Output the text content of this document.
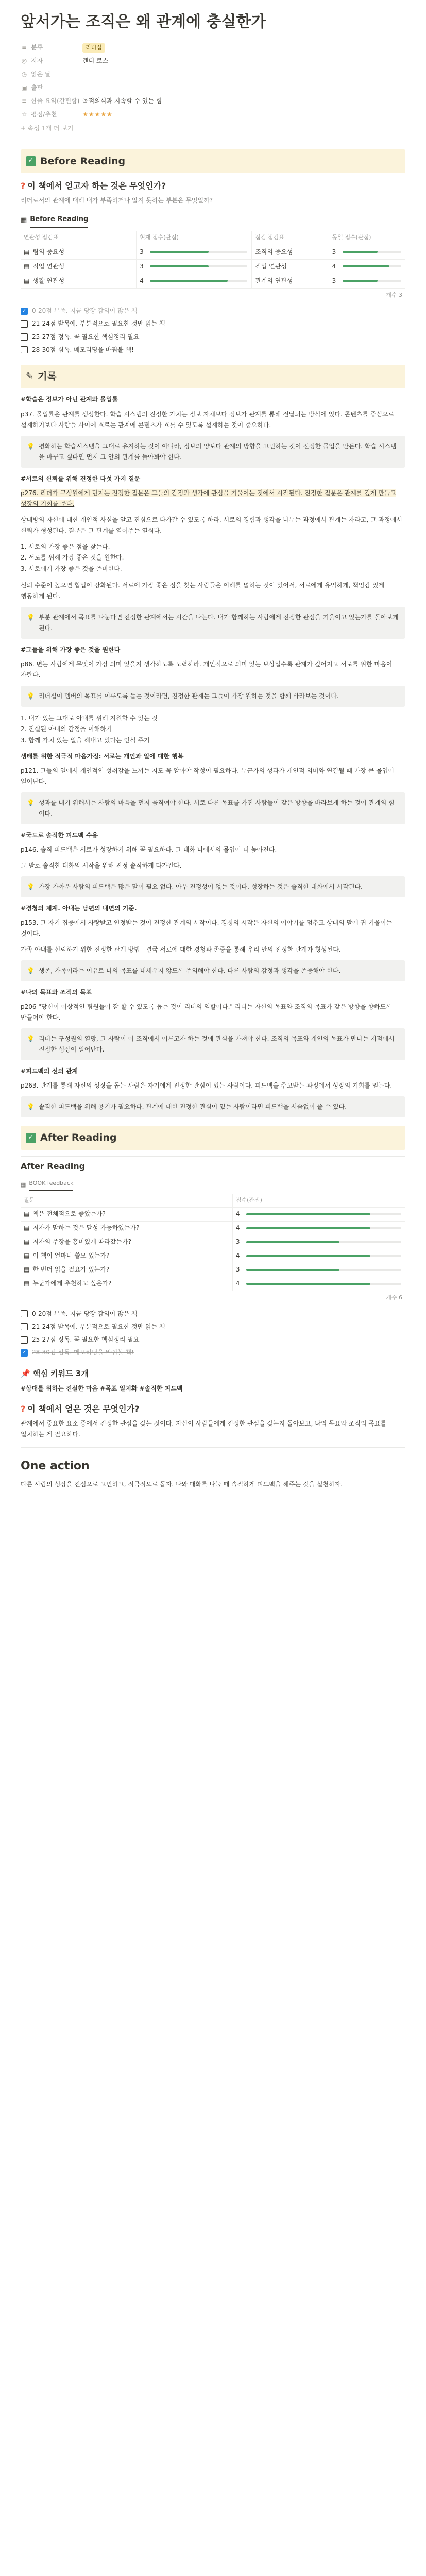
앞서가는 조직은 왜 관계에 충실한가
≡ 분류	리더십
◎ 저자	랜디 로스
◷ 읽은 날
▣ 출판
≡ 한줄 요약(간편함) 목적의식과 지속할 수 있는 힘
☆ 평점/추천	★★★★★
+ 속성 1개 더 보기
✓ Before Reading
? 이 책에서 얻고자 하는 것은 무엇인가?
리더로서의 관계에 대해 내가 부족하거나 알지 못하는 부분은 무엇일까?
▦ Before Reading
연관성 점검표	현재 점수(관점)	점검 점검표	동일 점수(관점)
▤ 팀의 중요성	3	조직의 중요성	3
▤ 직업 연관성	3	직업 연관성	4
▤ 생활 연관성	4	관계의 연관성	3
개수 3
✓ 0-20점 부족. 지금 당장 감의이 많은 책
21-24점 발목에. 부분적으로 필요한 것만 읽는 책
25-27점 정독. 꼭 필요한 핵심정리 필요
28-30점 심독. 메모리딩을 바꿔볼 책!
✎ 기록
#학습은 정보가 아닌 관계와 몰입률

p37. 몰입률은 관계를 생성한다. 학습 시스템의 진정한 가치는 정보 자체보다 정보가 관계를 통해 전달되는 방식에 있다. 콘텐츠를 중심으로 설계하기보다 사람들 사이에 흐르는 관계에 콘텐츠가 흐를 수 있도록 설계하는 것이 중요하다.

💡 평화하는 학습시스템을 그대로 유지하는 것이 아니라, 정보의 양보다 관계의 방향을 고민하는 것이 진정한 몰입을 만든다. 학습 시스템을 바꾸고 싶다면 먼저 그 안의 관계를 돌아봐야 한다.
#서로의 신뢰를 위해 진정한 다섯 가지 질문

p276. 리더가 구성원에게 던지는 진정한 질문은 그들의 감정과 생각에 관심을 기울이는 것에서 시작된다. 진정한 질문은 관계를 깊게 만들고 성장의 기회를 준다.

상대방의 자신에 대한 개인적 사실을 알고 진심으로 다가갈 수 있도록 하라. 서로의 경험과 생각을 나누는 과정에서 관계는 자라고, 그 과정에서 신뢰가 형성된다. 질문은 그 관계를 열어주는 열쇠다.

1. 서로의 가장 좋은 점을 찾는다.
2. 서로를 위해 가장 좋은 것을 원한다.
3. 서로에게 가장 좋은 것을 준비한다.

신뢰 수준이 높으면 협업이 강화된다. 서로에 가장 좋은 점을 찾는 사람들은 이해를 넓히는 것이 있어서, 서로에게 유익하게, 책임감 있게 행동하게 된다.

💡 부분 관계에서 목표를 나눈다면 진정한 관계에서는 시간을 나눈다. 내가 함께하는 사람에게 진정한 관심을 기울이고 있는가를 돌아보게 된다.
#그들을 위해 가장 좋은 것을 원한다

p86. 변는 사람에게 무엇이 가장 의미 있을지 생각하도록 노력하라. 개인적으로 의미 있는 보상일수록 관계가 깊어지고 서로를 위한 마음이 자란다.

💡 리더십이 멤버의 목표를 이루도록 돕는 것이라면, 진정한 관계는 그들이 가장 원하는 것을 함께 바라보는 것이다.
1. 내가 있는 그대로 아내를 위해 지원할 수 있는 것
2. 진실된 아내의 감정을 이해하기
3. 함께 가치 있는 일을 해내고 있다는 인식 주기
생태를 위한 적극적 마음가짐: 서로는 개인과 일에 대한 행복

p121. 그들의 일에서 개인적인 성취감을 느끼는 지도 꼭 알아야 작성이 필요하다. 누군가의 성과가 개인적 의미와 연결될 때 가장 큰 몰입이 일어난다.

💡 성과를 내기 위해서는 사람의 마음을 먼저 움직여야 한다. 서로 다른 목표를 가진 사람들이 같은 방향을 바라보게 하는 것이 관계의 힘이다.
#국도로 솔직한 피드백 수용

p146. 솔직 피드백은 서로가 성장하기 위해 꼭 필요하다. 그 대화 나에서의 몰입이 더 높아진다.

그 말로 솔직한 대화의 시작을 위해 진정 솔직하게 다가간다.

💡 가장 가까운 사람의 피드백은 많은 말이 필요 없다. 아무 진정성이 없는 것이다. 성장하는 것은 솔직한 대화에서 시작된다.
#경청의 체계. 아내는 남편의 내면의 기준.

p153. 그 자기 집중에서 사랑받고 인정받는 것이 진정한 관계의 시작이다. 경청의 시작은 자신의 이야기를 멈추고 상대의 말에 귀 기울이는 것이다.

가족 아내를 신뢰하기 위한 진정한 관계 방법 - 결국 서로에 대한 경청과 존중을 통해 우리 안의 진정한 관계가 형성된다.

💡 생존, 가족이라는 이유로 나의 목표를 내세우지 않도록 주의해야 한다. 다른 사람의 감정과 생각을 존중해야 한다.
#나의 목표와 조직의 목표

p206 "당신이 이상적인 팀원들이 잘 할 수 있도록 돕는 것이 리더의 역할이다." 리더는 자신의 목표와 조직의 목표가 같은 방향을 향하도록 만들어야 한다.

💡 리더는 구성원의 열망, 그 사람이 이 조직에서 이루고자 하는 것에 관심을 가져야 한다. 조직의 목표와 개인의 목표가 만나는 지점에서 진정한 성장이 일어난다.
#피드백의 선의 관계

p263. 관계를 통해 자신의 성장을 돕는 사람은 자기에게 진정한 관심이 있는 사람이다. 피드백을 주고받는 과정에서 성장의 기회를 얻는다.

💡 솔직한 피드백을 위해 용기가 필요하다. 관계에 대한 진정한 관심이 있는 사람이라면 피드백을 서슴없이 줄 수 있다.
✓ After Reading
After Reading
▦ BOOK feedback
질문	점수(관점)
▤ 책은 전체적으로 좋았는가?	4
▤ 저자가 말하는 것은 달성 가능하였는가?	4
▤ 저자의 주장을 흥미있게 따라갔는가?	3
▤ 이 책이 얼마나 쓸모 있는가?	4
▤ 한 번더 읽을 필요가 있는가?	3
▤ 누군가에게 추천하고 싶은가?	4
개수 6
0-20점 부족. 지금 당장 감의이 많은 책
21-24점 발목에. 부분적으로 필요한 것만 읽는 책
25-27점 정독. 꼭 필요한 핵심정리 필요
✓ 28-30점 심독. 메모리딩을 바꿔볼 책!
📌 핵심 키워드 3개
#상대를 위하는 진실한 마음 #목표 일치화 #솔직한 피드백
? 이 책에서 얻은 것은 무엇인가?

관계에서 중요한 요소 중에서 진정한 관심을 갖는 것이다. 자신이 사람들에게 진정한 관심을 갖는지 돌아보고, 나의 목표와 조직의 목표를 일치하는 게 필요하다.

One action

다른 사람의 성장을 진심으로 고민하고, 적극적으로 돕자. 나와 대화를 나눌 때 솔직하게 피드백을 해주는 것을 실천하자.
